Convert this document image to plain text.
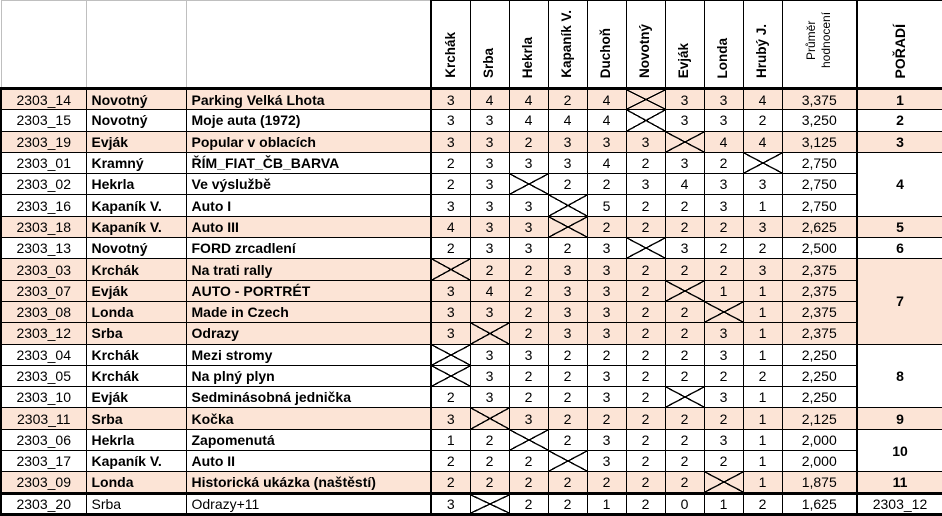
			Krchák	Srba	Hekrla	Kapaník V.	Duchoň	Novotný	Evják	Londa	Hrubý J.	Průměr hodnocení	POŘADÍ
2303_14	Novotný	Parking Velká Lhota	3	4	4	2	4		3	3	4	3,375	1
2303_15	Novotný	Moje auta (1972)	3	3	4	4	4		3	3	2	3,250	2
2303_19	Evják	Popular v oblacích	3	3	2	3	3	3		4	4	3,125	3
2303_01	Kramný	ŘÍM_FIAT_ČB_BARVA	2	3	3	3	4	2	3	2		2,750	4
2303_02	Hekrla	Ve výslužbě	2	3		2	2	3	4	3	3	2,750	
2303_16	Kapaník V.	Auto I	3	3	3		5	2	2	3	1	2,750	
2303_18	Kapaník V.	Auto III	4	3	3		2	2	2	2	3	2,625	5
2303_13	Novotný	FORD zrcadlení	2	3	3	2	3		3	2	2	2,500	6
2303_03	Krchák	Na trati rally		2	2	3	3	2	2	2	3	2,375	7
2303_07	Evják	AUTO - PORTRÉT	3	4	2	3	3	2		1	1	2,375	
2303_08	Londa	Made in Czech	3	3	2	3	3	2	2		1	2,375	
2303_12	Srba	Odrazy	3		2	3	3	2	2	3	1	2,375	
2303_04	Krchák	Mezi stromy		3	3	2	2	2	2	3	1	2,250	8
2303_05	Krchák	Na plný plyn		3	2	2	3	2	2	2	2	2,250	
2303_10	Evják	Sedminásobná jednička	2	3	2	2	3	2		3	1	2,250	
2303_11	Srba	Kočka	3		3	2	2	2	2	2	1	2,125	9
2303_06	Hekrla	Zapomenutá	1	2		2	3	2	2	3	1	2,000	10
2303_17	Kapaník V.	Auto II	2	2	2		3	2	2	2	1	2,000	
2303_09	Londa	Historická ukázka (naštěstí)	2	2	2	2	2	2	2		1	1,875	11
2303_20	Srba	Odrazy+11	3		2	2	1	2	0	1	2	1,625	2303_12
